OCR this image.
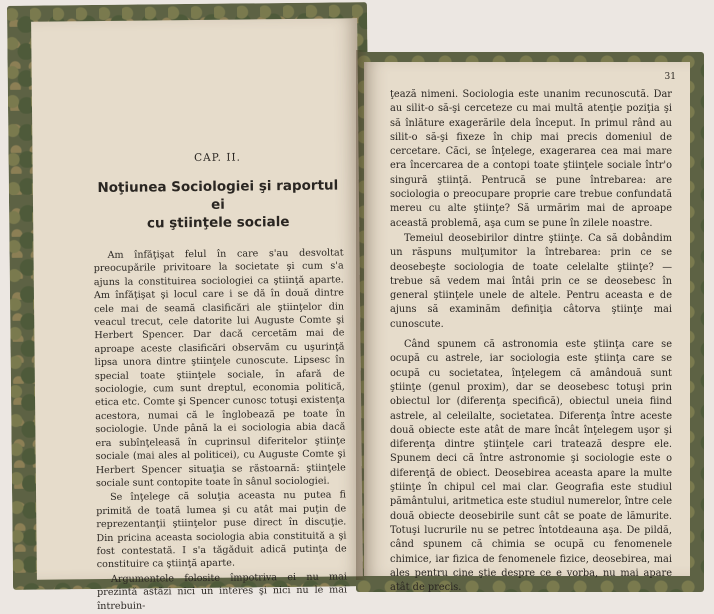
CAP. II.

Noţiunea Sociologiei şi raportul ei
cu ştiinţele sociale

Am înfăţişat felul în care s'au desvoltat preocupările privitoare la societate şi cum s'a ajuns la constituirea sociologiei ca ştiinţă aparte. Am înfăţişat şi locul care i se dă în două dintre cele mai de seamă clasificări ale ştiinţelor din veacul trecut, cele datorite lui Auguste Comte şi Herbert Spencer. Dar dacă cercetăm mai de aproape aceste clasificări observăm cu uşurinţă lipsa unora dintre ştiinţele cunoscute. Lipsesc în special toate ştiinţele sociale, în afară de sociologie, cum sunt dreptul, economia politică, etica etc. Comte şi Spencer cunosc totuşi existenţa acestora, numai că le înglobează pe toate în sociologie. Unde până la ei sociologia abia dacă era subînţeleasă în cuprinsul diferitelor ştiinţe sociale (mai ales al politicei), cu Auguste Comte şi Herbert Spencer situaţia se răstoarnă: ştiinţele sociale sunt contopite toate în sânul sociologiei.

Se înţelege că soluţia aceasta nu putea fi primită de toată lumea şi cu atât mai puţin de reprezentanţii ştiinţelor puse direct în discuţie. Din pricina aceasta sociologia abia constituită a şi fost contestată. I s'a tăgăduit adică putinţa de constituire ca ştiinţă aparte.

Argumentele folosite împotriva ei nu mai prezintă astăzi nici un interes şi nici nu le mai întrebuin-

31

ţează nimeni. Sociologia este unanim recunoscută. Dar au silit-o să-şi cerceteze cu mai multă atenţie poziţia şi să înlăture exagerările dela început. In primul rând au silit-o să-şi fixeze în chip mai precis domeniul de cercetare. Căci, se înţelege, exagerarea cea mai mare era încercarea de a contopi toate ştiinţele sociale într'o singură ştiinţă. Pentrucă se pune întrebarea: are sociologia o preocupare proprie care trebue confundată mereu cu alte ştiinţe? Să urmărim mai de aproape această problemă, aşa cum se pune în zilele noastre.

Temeiul deosebirilor dintre ştiinţe. Ca să dobândim un răspuns mulţumitor la întrebarea: prin ce se deosebeşte sociologia de toate celelalte ştiinţe? — trebue să vedem mai întâi prin ce se deosebesc în general ştiinţele unele de altele. Pentru aceasta e de ajuns să examinăm definiţia câtorva ştiinţe mai cunoscute.

Când spunem că astronomia este ştiinţa care se ocupă cu astrele, iar sociologia este ştiinţa care se ocupă cu societatea, înţelegem că amândouă sunt ştiinţe (genul proxim), dar se deosebesc totuşi prin obiectul lor (diferenţa specifică), obiectul uneia fiind astrele, al celeilalte, societatea. Diferenţa între aceste două obiecte este atât de mare încât înţelegem uşor şi diferenţa dintre ştiinţele cari tratează despre ele. Spunem deci că între astronomie şi sociologie este o diferenţă de obiect. Deosebirea aceasta apare la multe ştiinţe în chipul cel mai clar. Geografia este studiul pământului, aritmetica este studiul numerelor, între cele două obiecte deosebirile sunt cât se poate de lămurite. Totuşi lucrurile nu se petrec întotdeauna aşa. De pildă, când spunem că chimia se ocupă cu fenomenele chimice, iar fizica de fenomenele fizice, deosebirea, mai ales pentru cine ştie despre ce e vorba, nu mai apare atât de precis.
